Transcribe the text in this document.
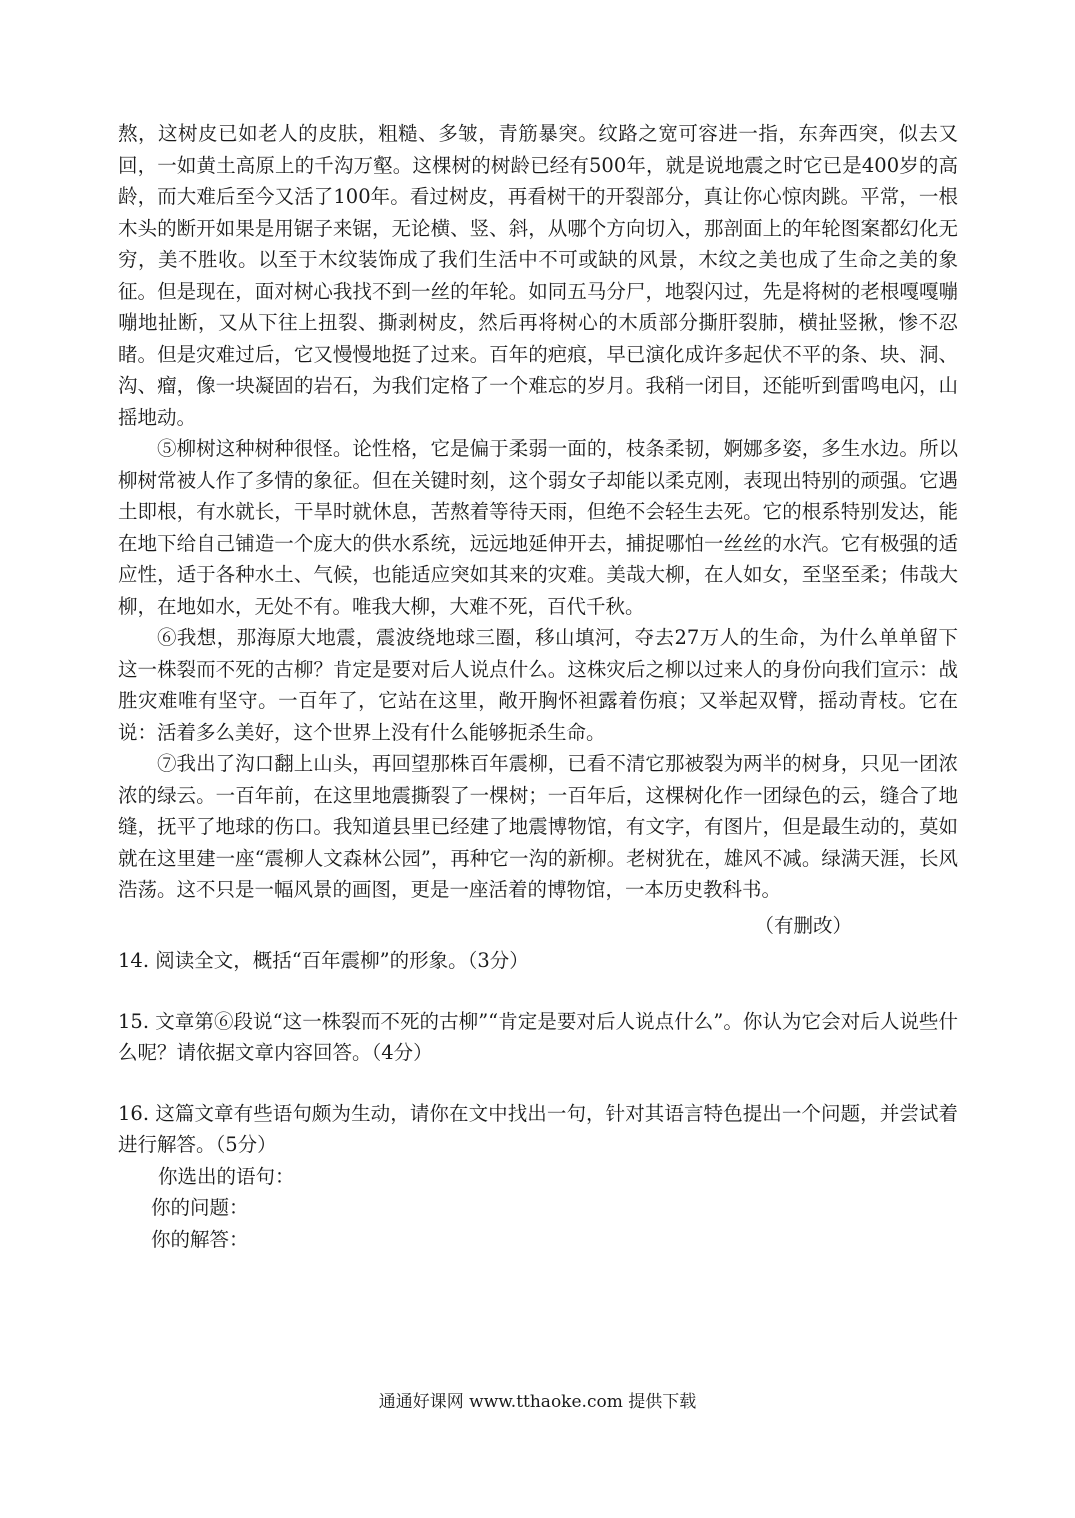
熬，这树皮已如老人的皮肤，粗糙、多皱，青筋暴突。纹路之宽可容进一指，东奔西突，似去又回，一如黄土高原上的千沟万壑。这棵树的树龄已经有500年，就是说地震之时它已是400岁的高龄，而大难后至今又活了100年。看过树皮，再看树干的开裂部分，真让你心惊肉跳。平常，一根木头的断开如果是用锯子来锯，无论横、竖、斜，从哪个方向切入，那剖面上的年轮图案都幻化无穷，美不胜收。以至于木纹装饰成了我们生活中不可或缺的风景，木纹之美也成了生命之美的象征。但是现在，面对树心我找不到一丝的年轮。如同五马分尸，地裂闪过，先是将树的老根嘎嘎嘣嘣地扯断，又从下往上扭裂、撕剥树皮，然后再将树心的木质部分撕肝裂肺，横扯竖揪，惨不忍睹。但是灾难过后，它又慢慢地挺了过来。百年的疤痕，早已演化成许多起伏不平的条、块、洞、沟、瘤，像一块凝固的岩石，为我们定格了一个难忘的岁月。我稍一闭目，还能听到雷鸣电闪，山摇地动。

⑤柳树这种树种很怪。论性格，它是偏于柔弱一面的，枝条柔韧，婀娜多姿，多生水边。所以柳树常被人作了多情的象征。但在关键时刻，这个弱女子却能以柔克刚，表现出特别的顽强。它遇土即根，有水就长，干旱时就休息，苦熬着等待天雨，但绝不会轻生去死。它的根系特别发达，能在地下给自己铺造一个庞大的供水系统，远远地延伸开去，捕捉哪怕一丝丝的水汽。它有极强的适应性，适于各种水土、气候，也能适应突如其来的灾难。美哉大柳，在人如女，至坚至柔；伟哉大柳，在地如水，无处不有。唯我大柳，大难不死，百代千秋。

⑥我想，那海原大地震，震波绕地球三圈，移山填河，夺去27万人的生命，为什么单单留下这一株裂而不死的古柳？肯定是要对后人说点什么。这株灾后之柳以过来人的身份向我们宣示：战胜灾难唯有坚守。一百年了，它站在这里，敞开胸怀袒露着伤痕；又举起双臂，摇动青枝。它在说：活着多么美好，这个世界上没有什么能够扼杀生命。

⑦我出了沟口翻上山头，再回望那株百年震柳，已看不清它那被裂为两半的树身，只见一团浓浓的绿云。一百年前，在这里地震撕裂了一棵树；一百年后，这棵树化作一团绿色的云，缝合了地缝，抚平了地球的伤口。我知道县里已经建了地震博物馆，有文字，有图片，但是最生动的，莫如就在这里建一座“震柳人文森林公园”，再种它一沟的新柳。老树犹在，雄风不减。绿满天涯，长风浩荡。这不只是一幅风景的画图，更是一座活着的博物馆，一本历史教科书。

（有删改）

14. 阅读全文，概括“百年震柳”的形象。（3分）

15. 文章第⑥段说“这一株裂而不死的古柳”“肯定是要对后人说点什么”。你认为它会对后人说些什么呢？请依据文章内容回答。（4分）

16. 这篇文章有些语句颇为生动，请你在文中找出一句，针对其语言特色提出一个问题，并尝试着进行解答。（5分）

你选出的语句：

你的问题：

你的解答：

通通好课网 www.tthaoke.com 提供下载
